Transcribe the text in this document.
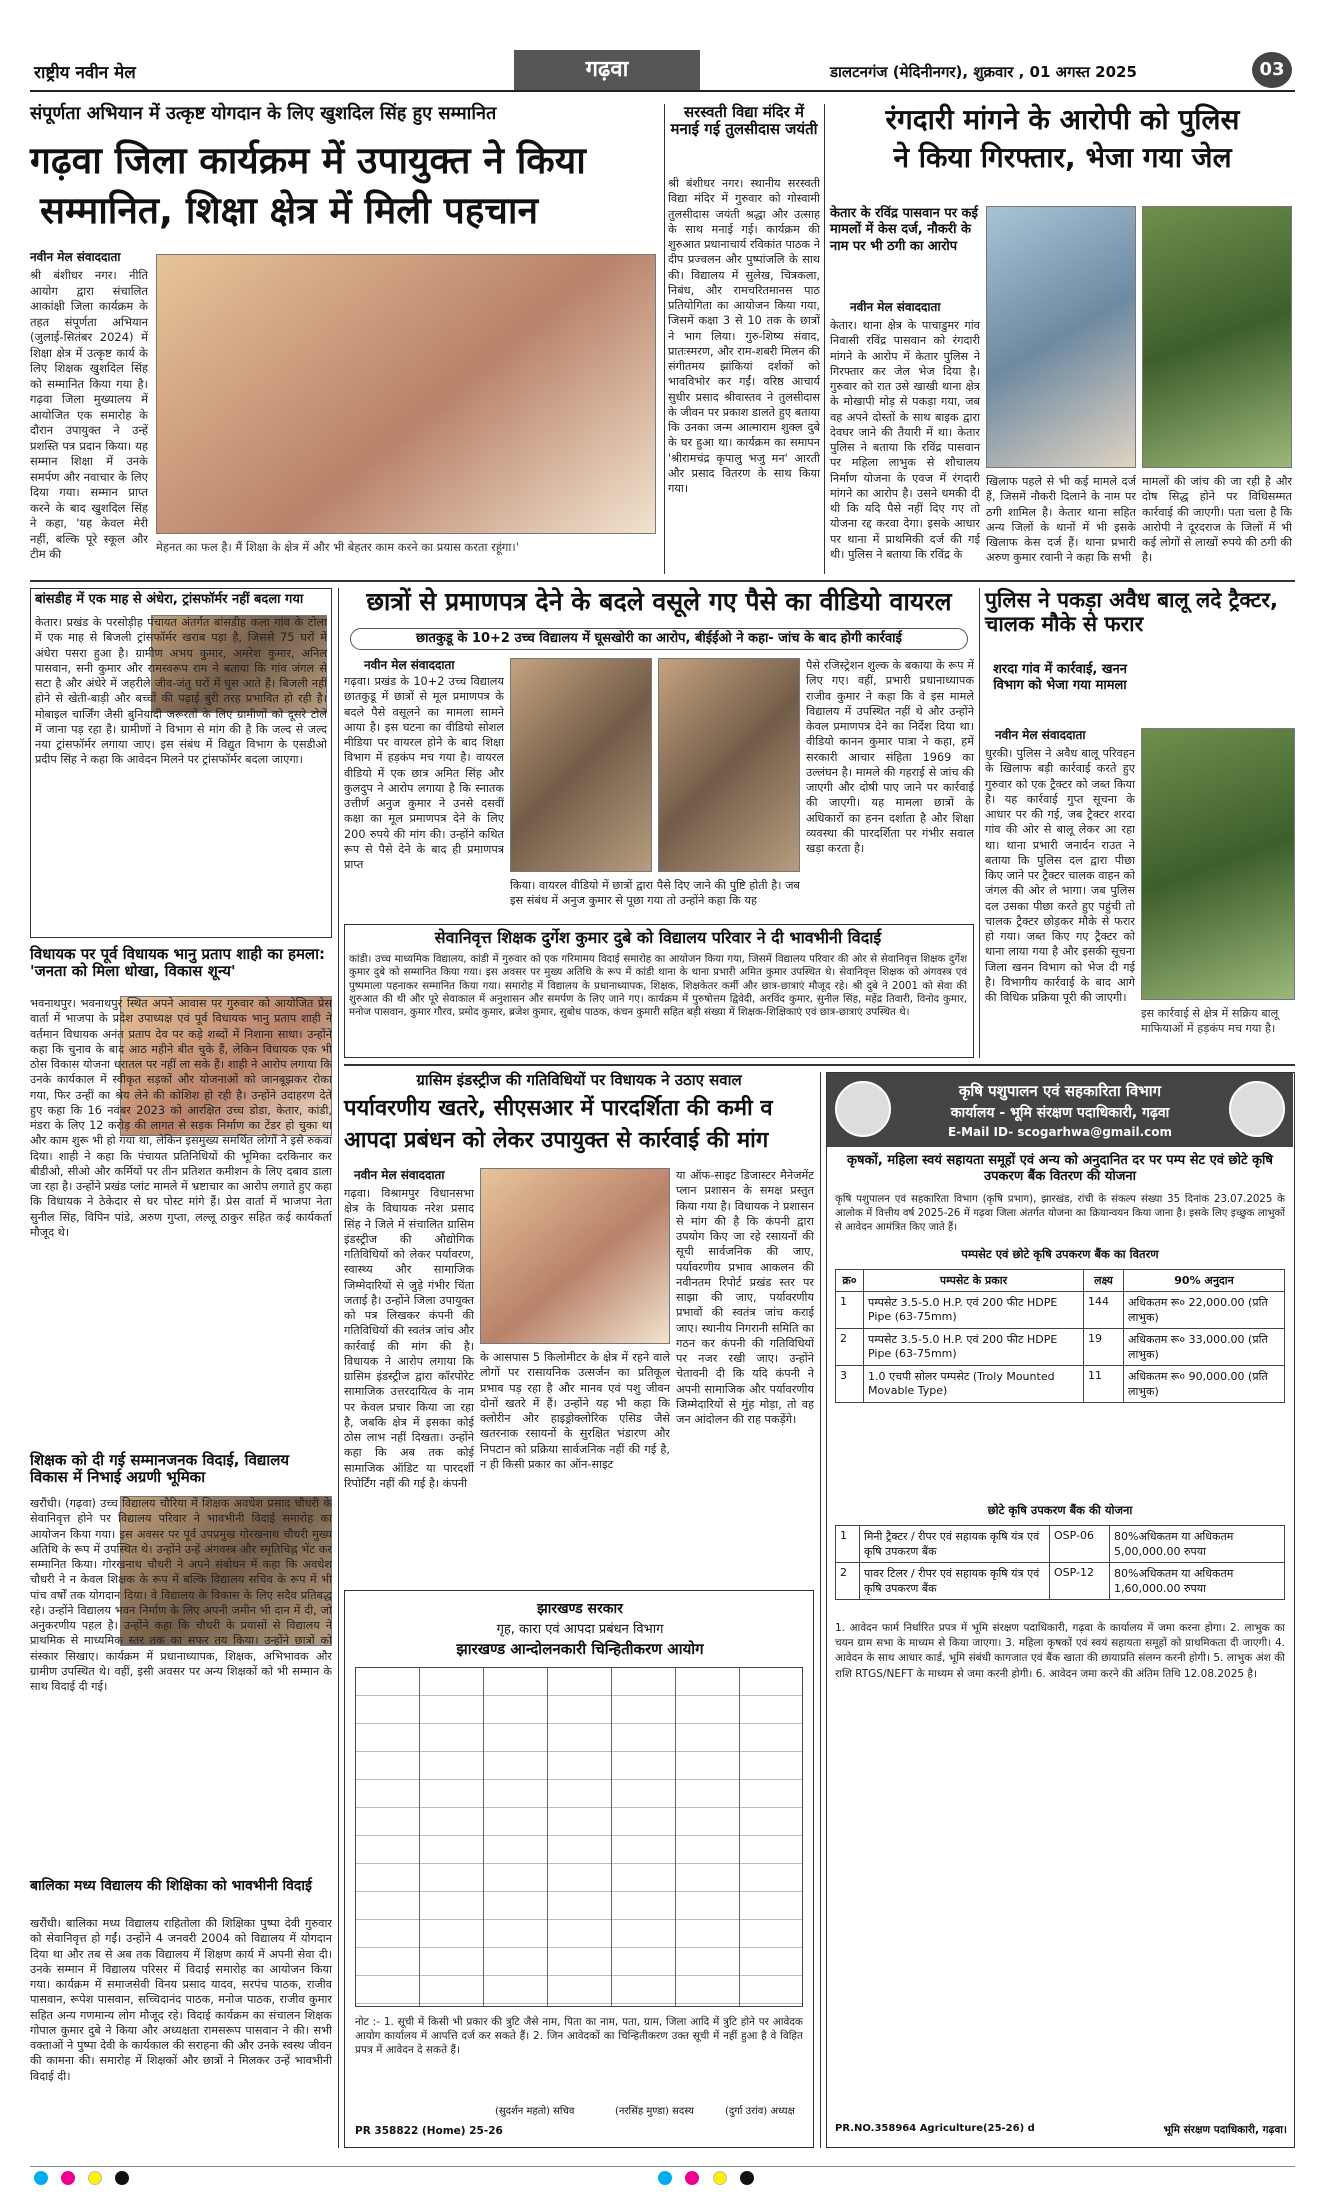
राष्ट्रीय नवीन मेल	गढ़वा	डालटनगंज (मेदिनीनगर), शुक्रवार , 01 अगस्त 2025	03
संपूर्णता अभियान में उत्कृष्ट योगदान के लिए खुशदिल सिंह हुए सम्मानित
गढ़वा जिला कार्यक्रम में उपायुक्त ने किया
सम्मानित, शिक्षा क्षेत्र में मिली पहचान
नवीन मेल संवाददाता
श्री बंशीधर नगर। नीति आयोग द्वारा संचालित आकांक्षी जिला कार्यक्रम के तहत संपूर्णता अभियान (जुलाई-सितंबर 2024) में शिक्षा क्षेत्र में उत्कृष्ट कार्य के लिए शिक्षक खुशदिल सिंह को सम्मानित किया गया है। गढ़वा जिला मुख्यालय में आयोजित एक समारोह के दौरान उपायुक्त ने उन्हें प्रशस्ति पत्र प्रदान किया। यह सम्मान शिक्षा में उनके समर्पण और नवाचार के लिए दिया गया। सम्मान प्राप्त करने के बाद खुशदिल सिंह ने कहा, 'यह केवल मेरी नहीं, बल्कि पूरे स्कूल और टीम की
मेहनत का फल है। मैं शिक्षा के क्षेत्र में और भी बेहतर काम करने का प्रयास करता रहूंगा।'
सरस्वती विद्या मंदिर में मनाई गई तुलसीदास जयंती
श्री बंशीधर नगर। स्थानीय सरस्वती विद्या मंदिर में गुरुवार को गोस्वामी तुलसीदास जयंती श्रद्धा और उत्साह के साथ मनाई गई। कार्यक्रम की शुरुआत प्रधानाचार्य रविकांत पाठक ने दीप प्रज्वलन और पुष्पांजलि के साथ की। विद्यालय में सुलेख, चित्रकला, निबंध, और रामचरितमानस पाठ प्रतियोगिता का आयोजन किया गया, जिसमें कक्षा 3 से 10 तक के छात्रों ने भाग लिया। गुरु-शिष्य संवाद, प्रातःस्मरण, और राम-शबरी मिलन की संगीतमय झांकियां दर्शकों को भावविभोर कर गईं। वरिष्ठ आचार्य सुधीर प्रसाद श्रीवास्तव ने तुलसीदास के जीवन पर प्रकाश डालते हुए बताया कि उनका जन्म आत्माराम शुक्ल दुबे के घर हुआ था। कार्यक्रम का समापन 'श्रीरामचंद्र कृपालु भजु मन' आरती और प्रसाद वितरण के साथ किया गया।
रंगदारी मांगने के आरोपी को पुलिस
ने किया गिरफ्तार, भेजा गया जेल
केतार के रविंद्र पासवान पर कई मामलों में केस दर्ज, नौकरी के नाम पर भी ठगी का आरोप
नवीन मेल संवाददाता
केतार। थाना क्षेत्र के पाचाडुमर गांव निवासी रविंद्र पासवान को रंगदारी मांगने के आरोप में केतार पुलिस ने गिरफ्तार कर जेल भेज दिया है। गुरुवार को रात उसे खाखी थाना क्षेत्र के मोखापी मोड़ से पकड़ा गया, जब वह अपने दोस्तों के साथ बाइक द्वारा देवघर जाने की तैयारी में था। केतार पुलिस ने बताया कि रविंद्र पासवान पर महिला लाभुक से शौचालय निर्माण योजना के एवज में रंगदारी मांगने का आरोप है। उसने धमकी दी थी कि यदि पैसे नहीं दिए गए तो योजना रद्द करवा देगा। इसके आधार पर थाना में प्राथमिकी दर्ज की गई थी। पुलिस ने बताया कि रविंद्र के
खिलाफ पहले से भी कई मामले दर्ज हैं, जिसमें नौकरी दिलाने के नाम पर ठगी शामिल है। केतार थाना सहित अन्य जिलों के थानों में भी इसके खिलाफ केस दर्ज हैं। थाना प्रभारी अरुण कुमार रवानी ने कहा कि सभी
मामलों की जांच की जा रही है और दोष सिद्ध होने पर विधिसम्मत कार्रवाई की जाएगी। पता चला है कि आरोपी ने दूरदराज के जिलों में भी कई लोगों से लाखों रुपये की ठगी की है।
बांसडीह में एक माह से अंधेरा, ट्रांसफॉर्मर नहीं बदला गया
केतार। प्रखंड के परसोड़ीह पंचायत अंतर्गत बांसडीह कला गांव के टोला में एक माह से बिजली ट्रांसफॉर्मर खराब पड़ा है, जिससे 75 घरों में अंधेरा पसरा हुआ है। ग्रामीण अभय कुमार, अमरेश कुमार, अनिल पासवान, सनी कुमार और रामस्वरूप राम ने बताया कि गांव जंगल से सटा है और अंधेरे में जहरीले जीव-जंतु घरों में घुस आते हैं। बिजली नहीं होने से खेती-बाड़ी और बच्चों की पढ़ाई बुरी तरह प्रभावित हो रही है। मोबाइल चार्जिंग जैसी बुनियादी जरूरतों के लिए ग्रामीणों को दूसरे टोले में जाना पड़ रहा है। ग्रामीणों ने विभाग से मांग की है कि जल्द से जल्द नया ट्रांसफॉर्मर लगाया जाए। इस संबंध में विद्युत विभाग के एसडीओ प्रदीप सिंह ने कहा कि आवेदन मिलने पर ट्रांसफॉर्मर बदला जाएगा।
विधायक पर पूर्व विधायक भानु प्रताप शाही का हमला: 'जनता को मिला धोखा, विकास शून्य'
भवनाथपुर। भवनाथपुर स्थित अपने आवास पर गुरुवार को आयोजित प्रेस वार्ता में भाजपा के प्रदेश उपाध्यक्ष एवं पूर्व विधायक भानु प्रताप शाही ने वर्तमान विधायक अनंत प्रताप देव पर कड़े शब्दों में निशाना साधा। उन्होंने कहा कि चुनाव के बाद आठ महीने बीत चुके हैं, लेकिन विधायक एक भी ठोस विकास योजना धरातल पर नहीं ला सके हैं। शाही ने आरोप लगाया कि उनके कार्यकाल में स्वीकृत सड़कों और योजनाओं को जानबूझकर रोका गया, फिर उन्हीं का श्रेय लेने की कोशिश हो रही है। उन्होंने उदाहरण देते हुए कहा कि 16 नवंबर 2023 को आरक्षित उच्च डोडा, केतार, कांडी, मंडरा के लिए 12 करोड़ की लागत से सड़क निर्माण का टेंडर हो चुका था और काम शुरू भी हो गया था, लेकिन इसमुख्य समर्थित लोगों ने इसे रुकवा दिया। शाही ने कहा कि पंचायत प्रतिनिधियों की भूमिका दरकिनार कर बीडीओ, सीओ और कर्मियों पर तीन प्रतिशत कमीशन के लिए दबाव डाला जा रहा है। उन्होंने प्रखंड प्लांट मामले में भ्रष्टाचार का आरोप लगाते हुए कहा कि विधायक ने ठेकेदार से घर पोस्ट मांगे हैं। प्रेस वार्ता में भाजपा नेता सुनील सिंह, विपिन पांडे, अरुण गुप्ता, लल्लू ठाकुर सहित कई कार्यकर्ता मौजूद थे।
शिक्षक को दी गई सम्मानजनक विदाई, विद्यालय विकास में निभाई अग्रणी भूमिका
खरौंधी। (गढ़वा) उच्च विद्यालय चौरिया में शिक्षक अवधेश प्रसाद चौधरी के सेवानिवृत्त होने पर विद्यालय परिवार ने भावभीनी विदाई समारोह का आयोजन किया गया। इस अवसर पर पूर्व उपप्रमुख गोरखनाथ चौधरी मुख्य अतिथि के रूप में उपस्थित थे। उन्होंने उन्हें अंगवस्त्र और स्मृतिचिह्न भेंट कर सम्मानित किया। गोरखनाथ चौधरी ने अपने संबोधन में कहा कि अवधेश चौधरी ने न केवल शिक्षक के रूप में बल्कि विद्यालय सचिव के रूप में भी पांच वर्षों तक योगदान दिया। वे विद्यालय के विकास के लिए सदैव प्रतिबद्ध रहे। उन्होंने विद्यालय भवन निर्माण के लिए अपनी जमीन भी दान में दी, जो अनुकरणीय पहल है। उन्होंने कहा कि चौधरी के प्रयासों से विद्यालय ने प्राथमिक से माध्यमिक स्तर तक का सफर तय किया। उन्होंने छात्रों को संस्कार सिखाए। कार्यक्रम में प्रधानाध्यापक, शिक्षक, अभिभावक और ग्रामीण उपस्थित थे। वहीं, इसी अवसर पर अन्य शिक्षकों को भी सम्मान के साथ विदाई दी गई।
बालिका मध्य विद्यालय की शिक्षिका को भावभीनी विदाई
खरौंधी। बालिका मध्य विद्यालय राहितोला की शिक्षिका पुष्पा देवी गुरुवार को सेवानिवृत्त हो गईं। उन्होंने 4 जनवरी 2004 को विद्यालय में योगदान दिया था और तब से अब तक विद्यालय में शिक्षण कार्य में अपनी सेवा दी। उनके सम्मान में विद्यालय परिसर में विदाई समारोह का आयोजन किया गया। कार्यक्रम में समाजसेवी विनय प्रसाद यादव, सरपंच पाठक, राजीव पासवान, रूपेश पासवान, सच्चिदानंद पाठक, मनोज पाठक, राजीव कुमार सहित अन्य गणमान्य लोग मौजूद रहे। विदाई कार्यक्रम का संचालन शिक्षक गोपाल कुमार दुबे ने किया और अध्यक्षता रामसरूप पासवान ने की। सभी वक्ताओं ने पुष्पा देवी के कार्यकाल की सराहना की और उनके स्वस्थ जीवन की कामना की। समारोह में शिक्षकों और छात्रों ने मिलकर उन्हें भावभीनी विदाई दी।
छात्रों से प्रमाणपत्र देने के बदले वसूले गए पैसे का वीडियो वायरल
छातकुडू के 10+2 उच्च विद्यालय में घूसखोरी का आरोप, बीईईओ ने कहा- जांच के बाद होगी कार्रवाई
नवीन मेल संवाददाता
गढ़वा। प्रखंड के 10+2 उच्च विद्यालय छातकुडू में छात्रों से मूल प्रमाणपत्र के बदले पैसे वसूलने का मामला सामने आया है। इस घटना का वीडियो सोशल मीडिया पर वायरल होने के बाद शिक्षा विभाग में हड़कंप मच गया है। वायरल वीडियो में एक छात्र अमित सिंह और कुलदुप ने आरोप लगाया है कि स्नातक उत्तीर्ण अनुज कुमार ने उनसे दसवीं कक्षा का मूल प्रमाणपत्र देने के लिए 200 रुपये की मांग की। उन्होंने कथित रूप से पैसे देने के बाद ही प्रमाणपत्र प्राप्त
किया। वायरल वीडियो में छात्रों द्वारा पैसे दिए जाने की पुष्टि होती है। जब इस संबंध में अनुज कुमार से पूछा गया तो उन्होंने कहा कि यह
पैसे रजिस्ट्रेशन शुल्क के बकाया के रूप में लिए गए। वहीं, प्रभारी प्रधानाध्यापक राजीव कुमार ने कहा कि वे इस मामले विद्यालय में उपस्थित नहीं थे और उन्होंने केवल प्रमाणपत्र देने का निर्देश दिया था। वीडियो कानन कुमार पात्रा ने कहा, हमें सरकारी आचार संहिता 1969 का उल्लंघन है। मामले की गहराई से जांच की जाएगी और दोषी पाए जाने पर कार्रवाई की जाएगी। यह मामला छात्रों के अधिकारों का हनन दर्शाता है और शिक्षा व्यवस्था की पारदर्शिता पर गंभीर सवाल खड़ा करता है।
पुलिस ने पकड़ा अवैध बालू लदे ट्रैक्टर, चालक मौके से फरार
शरदा गांव में कार्रवाई, खनन विभाग को भेजा गया मामला
नवीन मेल संवाददाता
धुरकी। पुलिस ने अवैध बालू परिवहन के खिलाफ बड़ी कार्रवाई करते हुए गुरुवार को एक ट्रैक्टर को जब्त किया है। यह कार्रवाई गुप्त सूचना के आधार पर की गई, जब ट्रैक्टर शरदा गांव की ओर से बालू लेकर आ रहा था। थाना प्रभारी जनार्दन राउत ने बताया कि पुलिस दल द्वारा पीछा किए जाने पर ट्रैक्टर चालक वाहन को जंगल की ओर ले भागा। जब पुलिस दल उसका पीछा करते हुए पहुंची तो चालक ट्रैक्टर छोड़कर मौके से फरार हो गया। जब्त किए गए ट्रैक्टर को थाना लाया गया है और इसकी सूचना जिला खनन विभाग को भेज दी गई है। विभागीय कार्रवाई के बाद आगे की विधिक प्रक्रिया पूरी की जाएगी।
इस कार्रवाई से क्षेत्र में सक्रिय बालू माफियाओं में हड़कंप मच गया है।
सेवानिवृत्त शिक्षक दुर्गेश कुमार दुबे को विद्यालय परिवार ने दी भावभीनी विदाई
कांडी। उच्च माध्यमिक विद्यालय, कांडी में गुरुवार को एक गरिमामय विदाई समारोह का आयोजन किया गया, जिसमें विद्यालय परिवार की ओर से सेवानिवृत्त शिक्षक दुर्गेश कुमार दुबे को सम्मानित किया गया। इस अवसर पर मुख्य अतिथि के रूप में कांडी थाना के थाना प्रभारी अमित कुमार उपस्थित थे। सेवानिवृत्त शिक्षक को अंगवस्त्र एवं पुष्पमाला पहनाकर सम्मानित किया गया। समारोह में विद्यालय के प्रधानाध्यापक, शिक्षक, शिक्षकेतर कर्मी और छात्र-छात्राएं मौजूद रहे। श्री दुबे ने 2001 को सेवा की शुरुआत की थी और पूरे सेवाकाल में अनुशासन और समर्पण के लिए जाने गए। कार्यक्रम में पुरुषोत्तम द्विवेदी, अरविंद कुमार, सुनील सिंह, महेंद्र तिवारी, विनोद कुमार, मनोज पासवान, कुमार गौरव, प्रमोद कुमार, ब्रजेश कुमार, सुबोध पाठक, कंचन कुमारी सहित बड़ी संख्या में शिक्षक-शिक्षिकाएं एवं छात्र-छात्राएं उपस्थित थे।
ग्रासिम इंडस्ट्रीज की गतिविधियों पर विधायक ने उठाए सवाल
पर्यावरणीय खतरे, सीएसआर में पारदर्शिता की कमी व
आपदा प्रबंधन को लेकर उपायुक्त से कार्रवाई की मांग
नवीन मेल संवाददाता
गढ़वा। विश्रामपुर विधानसभा क्षेत्र के विधायक नरेश प्रसाद सिंह ने जिले में संचालित ग्रासिम इंडस्ट्रीज की औद्योगिक गतिविधियों को लेकर पर्यावरण, स्वास्थ्य और सामाजिक जिम्मेदारियों से जुड़े गंभीर चिंता जताई है। उन्होंने जिला उपायुक्त को पत्र लिखकर कंपनी की गतिविधियों की स्वतंत्र जांच और कार्रवाई की मांग की है। विधायक ने आरोप लगाया कि ग्रासिम इंडस्ट्रीज द्वारा कॉरपोरेट सामाजिक उत्तरदायित्व के नाम पर केवल प्रचार किया जा रहा है, जबकि क्षेत्र में इसका कोई ठोस लाभ नहीं दिखता। उन्होंने कहा कि अब तक कोई सामाजिक ऑडिट या पारदर्शी रिपोर्टिंग नहीं की गई है। कंपनी
के आसपास 5 किलोमीटर के क्षेत्र में रहने वाले लोगों पर रासायनिक उत्सर्जन का प्रतिकूल प्रभाव पड़ रहा है और मानव एवं पशु जीवन दोनों खतरे में हैं। उन्होंने यह भी कहा कि क्लोरीन और हाइड्रोक्लोरिक एसिड जैसे खतरनाक रसायनों के सुरक्षित भंडारण और निपटान को प्रक्रिया सार्वजनिक नहीं की गई है, न ही किसी प्रकार का ऑन-साइट
या ऑफ-साइट डिजास्टर मैनेजमेंट प्लान प्रशासन के समक्ष प्रस्तुत किया गया है। विधायक ने प्रशासन से मांग की है कि कंपनी द्वारा उपयोग किए जा रहे रसायनों की सूची सार्वजनिक की जाए, पर्यावरणीय प्रभाव आकलन की नवीनतम रिपोर्ट प्रखंड स्तर पर साझा की जाए, पर्यावरणीय प्रभावों की स्वतंत्र जांच कराई जाए। स्थानीय निगरानी समिति का गठन कर कंपनी की गतिविधियों पर नजर रखी जाए। उन्होंने चेतावनी दी कि यदि कंपनी ने अपनी सामाजिक और पर्यावरणीय जिम्मेदारियों से मुंह मोड़ा, तो वह जन आंदोलन की राह पकड़ेंगे।
झारखण्ड सरकार
गृह, कारा एवं आपदा प्रबंधन विभाग
झारखण्ड आन्दोलनकारी चिन्हितीकरण आयोग
नोट :- 1. सूची में किसी भी प्रकार की त्रुटि जैसे नाम, पिता का नाम, पता, ग्राम, जिला आदि में त्रुटि होने पर आवेदक आयोग कार्यालय में आपत्ति दर्ज कर सकते हैं। 2. जिन आवेदकों का चिन्हितीकरण उक्त सूची में नहीं हुआ है वे विहित प्रपत्र में आवेदन दे सकते हैं।
(सुदर्शन महतो) सचिव	(नरसिंह मुण्डा) सदस्य	(दुर्गा उरांव) अध्यक्ष
PR 358822 (Home) 25-26
कृषि पशुपालन एवं सहकारिता विभाग
कार्यालय - भूमि संरक्षण पदाधिकारी, गढ़वा
E-Mail ID- scogarhwa@gmail.com
कृषकों, महिला स्वयं सहायता समूहों एवं अन्य को अनुदानित दर पर पम्प सेट एवं छोटे कृषि उपकरण बैंक वितरण की योजना
कृषि पशुपालन एवं सहकारिता विभाग (कृषि प्रभाग), झारखंड, रांची के संकल्प संख्या 35 दिनांक 23.07.2025 के आलोक में वित्तीय वर्ष 2025-26 में गढ़वा जिला अंतर्गत योजना का क्रियान्वयन किया जाना है। इसके लिए इच्छुक लाभुकों से आवेदन आमंत्रित किए जाते हैं।
पम्पसेट एवं छोटे कृषि उपकरण बैंक का वितरण
क्र०	पम्पसेट के प्रकार	लक्ष्य	90% अनुदान
1	पम्पसेट 3.5-5.0 H.P. एवं 200 फीट HDPE Pipe (63-75mm)	144	अधिकतम रू० 22,000.00 (प्रति लाभुक)
2	पम्पसेट 3.5-5.0 H.P. एवं 200 फीट HDPE Pipe (63-75mm)	19	अधिकतम रू० 33,000.00 (प्रति लाभुक)
3	1.0 एचपी सोलर पम्पसेट (Troly Mounted Movable Type)	11	अधिकतम रू० 90,000.00 (प्रति लाभुक)
छोटे कृषि उपकरण बैंक की योजना
1	मिनी ट्रैक्टर / रीपर एवं सहायक कृषि यंत्र एवं कृषि उपकरण बैंक	OSP-06	80%अधिकतम या अधिकतम 5,00,000.00 रुपया
2	पावर टिलर / रीपर एवं सहायक कृषि यंत्र एवं कृषि उपकरण बैंक	OSP-12	80%अधिकतम या अधिकतम 1,60,000.00 रुपया
1. आवेदन फार्म निर्धारित प्रपत्र में भूमि संरक्षण पदाधिकारी, गढ़वा के कार्यालय में जमा करना होगा। 2. लाभुक का चयन ग्राम सभा के माध्यम से किया जाएगा। 3. महिला कृषकों एवं स्वयं सहायता समूहों को प्राथमिकता दी जाएगी। 4. आवेदन के साथ आधार कार्ड, भूमि संबंधी कागजात एवं बैंक खाता की छायाप्रति संलग्न करनी होगी। 5. लाभुक अंश की राशि RTGS/NEFT के माध्यम से जमा करनी होगी। 6. आवेदन जमा करने की अंतिम तिथि 12.08.2025 है।
PR.NO.358964 Agriculture(25-26) d	भूमि संरक्षण पदाधिकारी, गढ़वा।
